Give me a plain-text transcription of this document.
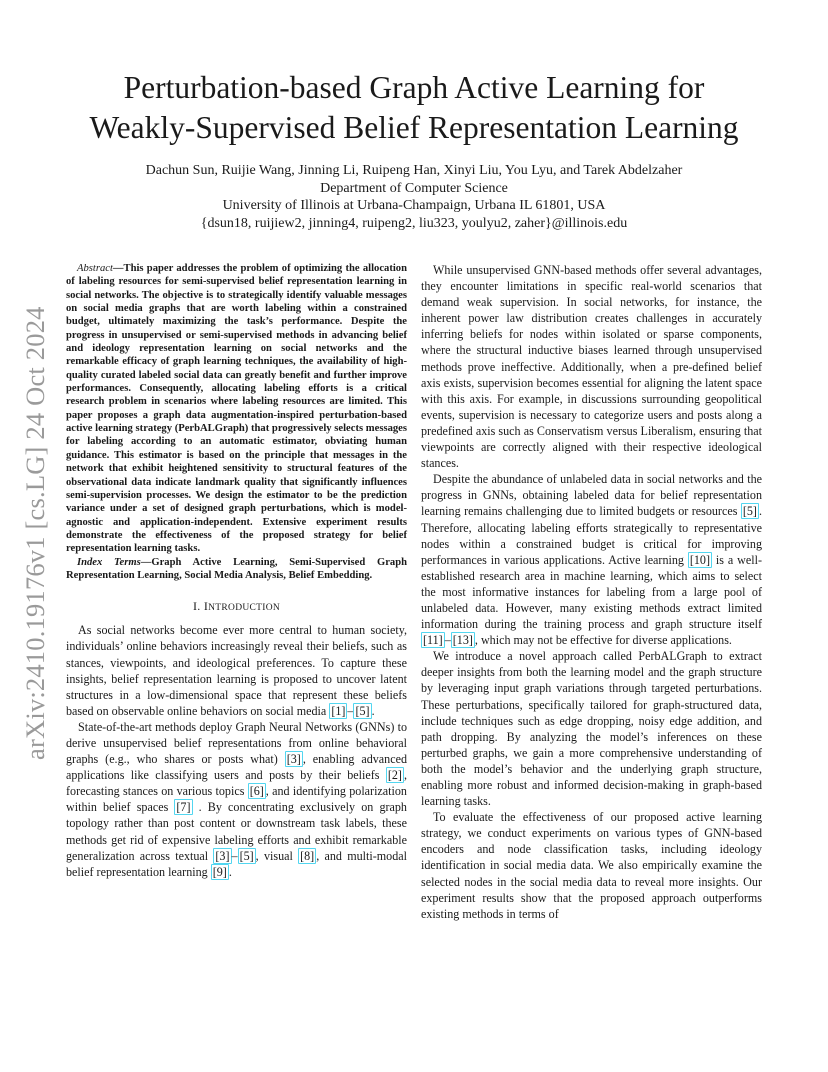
arXiv:2410.19176v1 [cs.LG] 24 Oct 2024
Perturbation-based Graph Active Learning for
Weakly-Supervised Belief Representation Learning
Dachun Sun, Ruijie Wang, Jinning Li, Ruipeng Han, Xinyi Liu, You Lyu, and Tarek Abdelzaher
Department of Computer Science
University of Illinois at Urbana-Champaign, Urbana IL 61801, USA
{dsun18, ruijiew2, jinning4, ruipeng2, liu323, youlyu2, zaher}@illinois.edu

Abstract—This paper addresses the problem of optimizing the allocation of labeling resources for semi-supervised belief representation learning in social networks. The objective is to strategically identify valuable messages on social media graphs that are worth labeling within a constrained budget, ultimately maximizing the task’s performance. Despite the progress in unsupervised or semi-supervised methods in advancing belief and ideology representation learning on social networks and the remarkable efficacy of graph learning techniques, the availability of high-quality curated labeled social data can greatly benefit and further improve performances. Consequently, allocating labeling efforts is a critical research problem in scenarios where labeling resources are limited. This paper proposes a graph data augmentation-inspired perturbation-based active learning strategy (PerbALGraph) that progressively selects messages for labeling according to an automatic estimator, obviating human guidance. This estimator is based on the principle that messages in the network that exhibit heightened sensitivity to structural features of the observational data indicate landmark quality that significantly influences semi-supervision processes. We design the estimator to be the prediction variance under a set of designed graph perturbations, which is model-agnostic and application-independent. Extensive experiment results demonstrate the effectiveness of the proposed strategy for belief representation learning tasks.

Index Terms—Graph Active Learning, Semi-Supervised Graph Representation Learning, Social Media Analysis, Belief Embedding.

I. INTRODUCTION

As social networks become ever more central to human society, individuals’ online behaviors increasingly reveal their beliefs, such as stances, viewpoints, and ideological preferences. To capture these insights, belief representation learning is proposed to uncover latent structures in a low-dimensional space that represent these beliefs based on observable online behaviors on social media [1] – [5] .

State-of-the-art methods deploy Graph Neural Networks (GNNs) to derive unsupervised belief representations from online behavioral graphs (e.g., who shares or posts what) [3] , enabling advanced applications like classifying users and posts by their beliefs [2] , forecasting stances on various topics [6] , and identifying polarization within belief spaces [7] . By concentrating exclusively on graph topology rather than post content or downstream task labels, these methods get rid of expensive labeling efforts and exhibit remarkable generalization across textual [3] – [5] , visual [8] , and multi-modal belief representation learning [9] .

While unsupervised GNN-based methods offer several advantages, they encounter limitations in specific real-world scenarios that demand weak supervision. In social networks, for instance, the inherent power law distribution creates challenges in accurately inferring beliefs for nodes within isolated or sparse components, where the structural inductive biases learned through unsupervised methods prove ineffective. Additionally, when a pre-defined belief axis exists, supervision becomes essential for aligning the latent space with this axis. For example, in discussions surrounding geopolitical events, supervision is necessary to categorize users and posts along a predefined axis such as Conservatism versus Liberalism, ensuring that viewpoints are correctly aligned with their respective ideological stances.

Despite the abundance of unlabeled data in social networks and the progress in GNNs, obtaining labeled data for belief representation learning remains challenging due to limited budgets or resources [5] . Therefore, allocating labeling efforts strategically to representative nodes within a constrained budget is critical for improving performances in various applications. Active learning [10] is a well-established research area in machine learning, which aims to select the most informative instances for labeling from a large pool of unlabeled data. However, many existing methods extract limited information during the training process and graph structure itself [11] – [13] , which may not be effective for diverse applications.

We introduce a novel approach called PerbALGraph to extract deeper insights from both the learning model and the graph structure by leveraging input graph variations through targeted perturbations. These perturbations, specifically tailored for graph-structured data, include techniques such as edge dropping, noisy edge addition, and path dropping. By analyzing the model’s inferences on these perturbed graphs, we gain a more comprehensive understanding of both the model’s behavior and the underlying graph structure, enabling more robust and informed decision-making in graph-based learning tasks.

To evaluate the effectiveness of our proposed active learning strategy, we conduct experiments on various types of GNN-based encoders and node classification tasks, including ideology identification in social media data. We also empirically examine the selected nodes in the social media data to reveal more insights. Our experiment results show that the proposed approach outperforms existing methods in terms of
